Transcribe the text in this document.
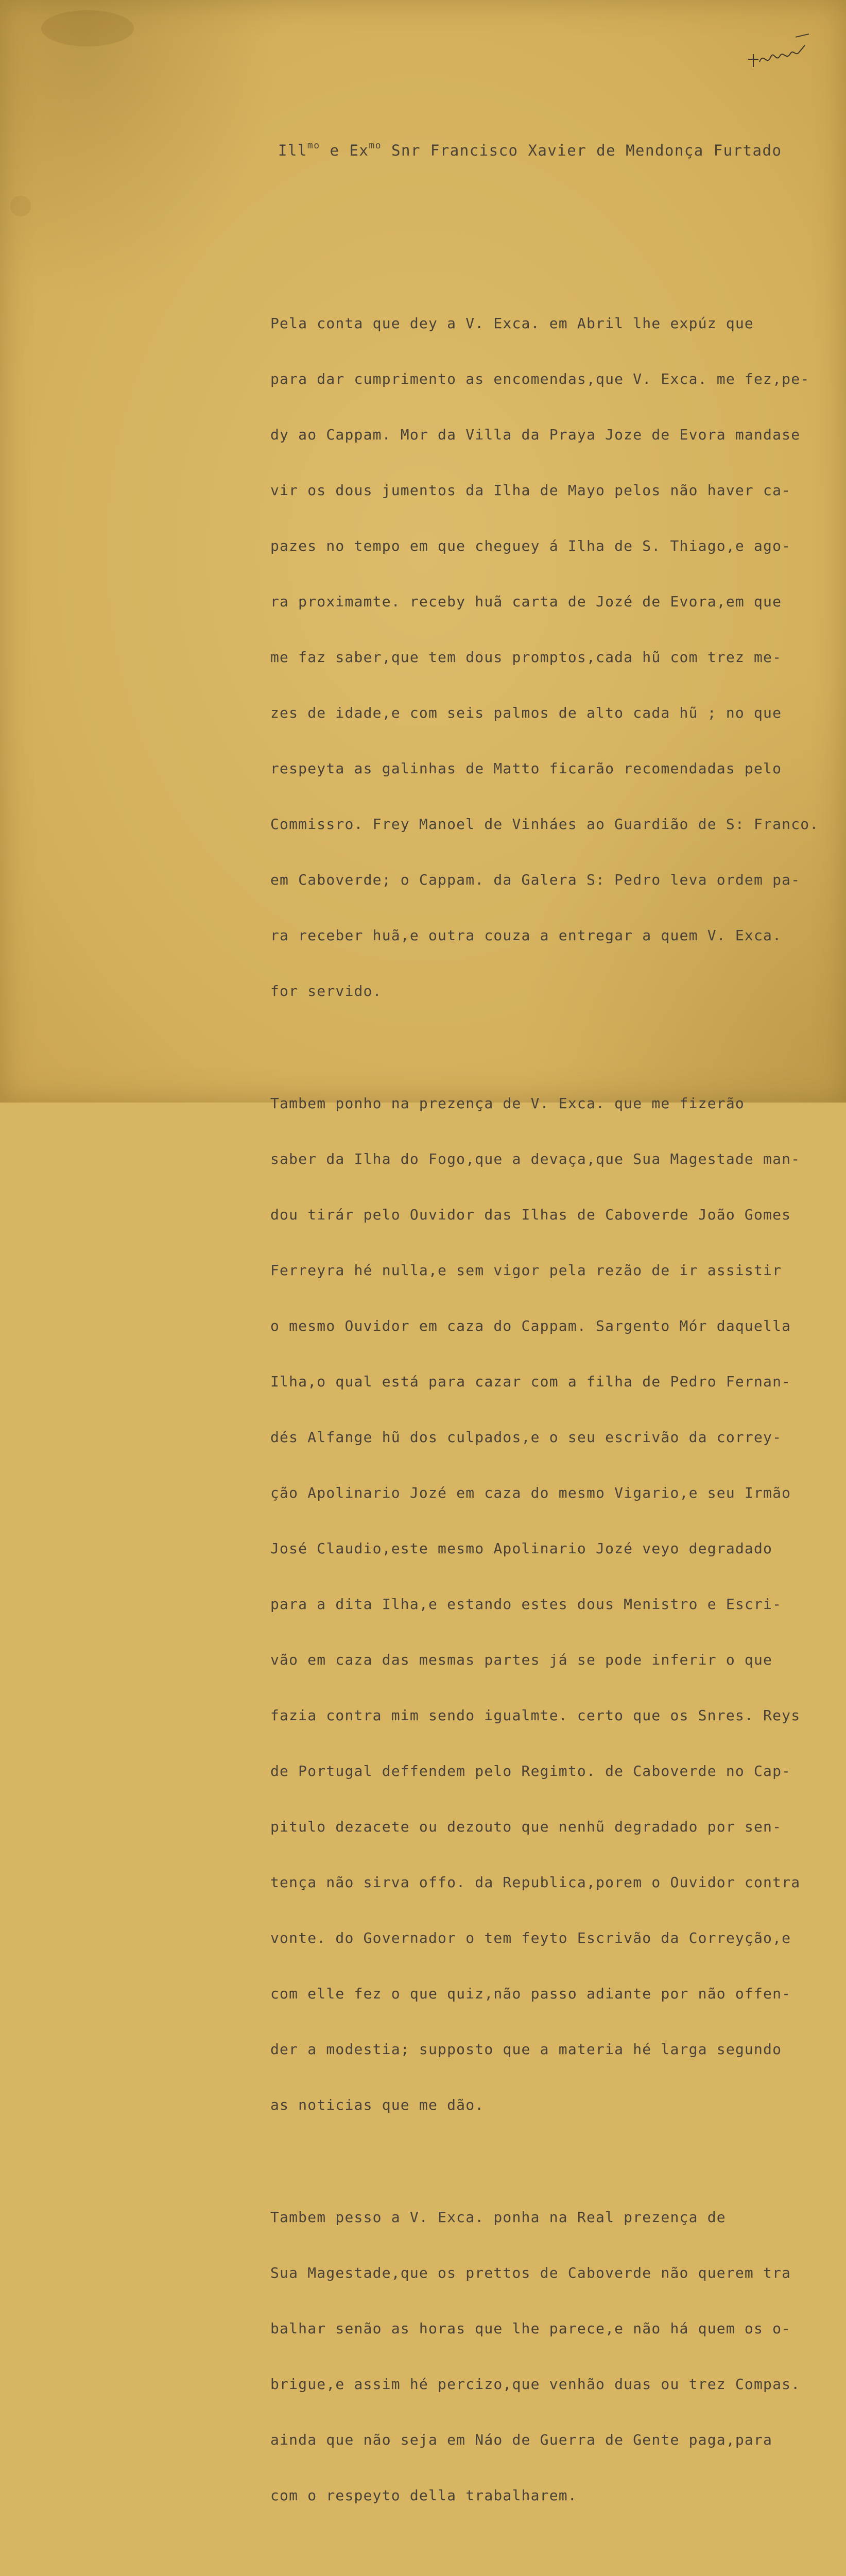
Ill$^{mo}$ e $Ex^{mo}$ Snr Francisco Xavier de Mendonça Furtado

Pela conta que dey a V. Exca. em Abril lhe expúz que

para dar cumprimento as encomendas,que V. Exca. me fez,pe-

dy ao Cappam. Mor da Villa da Praya Joze de Evora mandase

vir os dous jumentos da Ilha de Mayo pelos não haver ca-

pazes no tempo em que cheguey á Ilha de S. Thiago,e ago-

ra proximamte. receby huã carta de Jozé de Evora,em que

me faz saber,que tem dous promptos,cada hũ com trez me-

zes de idade,e com seis palmos de alto cada hũ ; no que

respeyta as galinhas de Matto ficarão recomendadas pelo

Commissro. Frey Manoel de Vinháes ao Guardião de S: Franco.

em Caboverde; o Cappam. da Galera S: Pedro leva ordem pa-

ra receber huã,e outra couza a entregar a quem V. Exca.

for servido.

Tambem ponho na prezença de V. Exca. que me fizerão

saber da Ilha do Fogo,que a devaça,que Sua Magestade man-

dou tirár pelo Ouvidor das Ilhas de Caboverde João Gomes

Ferreyra hé nulla,e sem vigor pela rezão de ir assistir

o mesmo Ouvidor em caza do Cappam. Sargento Mór daquella

Ilha,o qual está para cazar com a filha de Pedro Fernan-

dés Alfange hũ dos culpados,e o seu escrivão da correy-

ção Apolinario Jozé em caza do mesmo Vigario,e seu Irmão

José Claudio,este mesmo Apolinario Jozé veyo degradado

para a dita Ilha,e estando estes dous Menistro e Escri-

vão em caza das mesmas partes já se pode inferir o que

fazia contra mim sendo igualmte. certo que os Snres. Reys

de Portugal deffendem pelo Regimto. de Caboverde no Cap-

pitulo dezacete ou dezouto que nenhũ degradado por sen-

tença não sirva offo. da Republica,porem o Ouvidor contra

vonte. do Governador o tem feyto Escrivão da Correyção,e

com elle fez o que quiz,não passo adiante por não offen-

der a modestia; supposto que a materia hé larga segundo

as noticias que me dão.

Tambem pesso a V. Exca. ponha na Real prezença de

Sua Magestade,que os prettos de Caboverde não querem tra

balhar senão as horas que lhe parece,e não há quem os o-

brigue,e assim hé percizo,que venhão duas ou trez Compas.

ainda que não seja em Náo de Guerra de Gente paga,para

com o respeyto della trabalharem.
